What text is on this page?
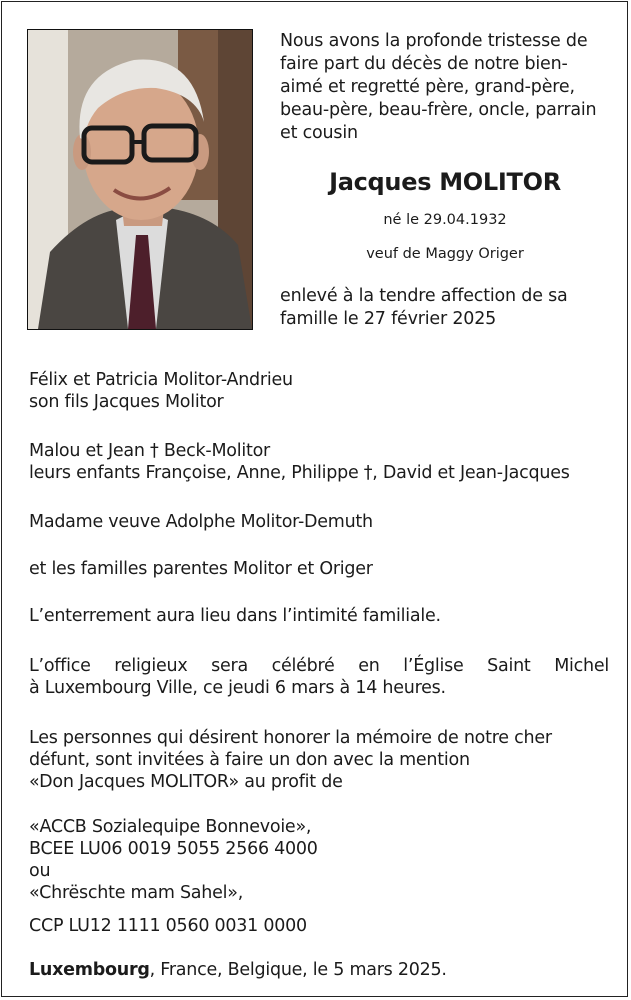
Nous avons la profonde tristesse de
faire part du décès de notre bien-
aimé et regretté père, grand-père,
beau-père, beau-frère, oncle, parrain
et cousin
Jacques MOLITOR
né le 29.04.1932
veuf de Maggy Origer
enlevé à la tendre affection de sa
famille le 27 février 2025
Félix et Patricia Molitor-Andrieu
son fils Jacques Molitor
Malou et Jean † Beck-Molitor
leurs enfants Françoise, Anne, Philippe †, David et Jean-Jacques
Madame veuve Adolphe Molitor-Demuth
et les familles parentes Molitor et Origer
L’enterrement aura lieu dans l’intimité familiale.
L’office religieux sera célébré en l’Église Saint Michel
à Luxembourg Ville, ce jeudi 6 mars à 14 heures.
Les personnes qui désirent honorer la mémoire de notre cher
défunt, sont invitées à faire un don avec la mention
«Don Jacques MOLITOR» au profit de
«ACCB Sozialequipe Bonnevoie»,
BCEE LU06 0019 5055 2566 4000
ou
«Chrëschte mam Sahel»,
CCP LU12 1111 0560 0031 0000
Luxembourg, France, Belgique, le 5 mars 2025.
